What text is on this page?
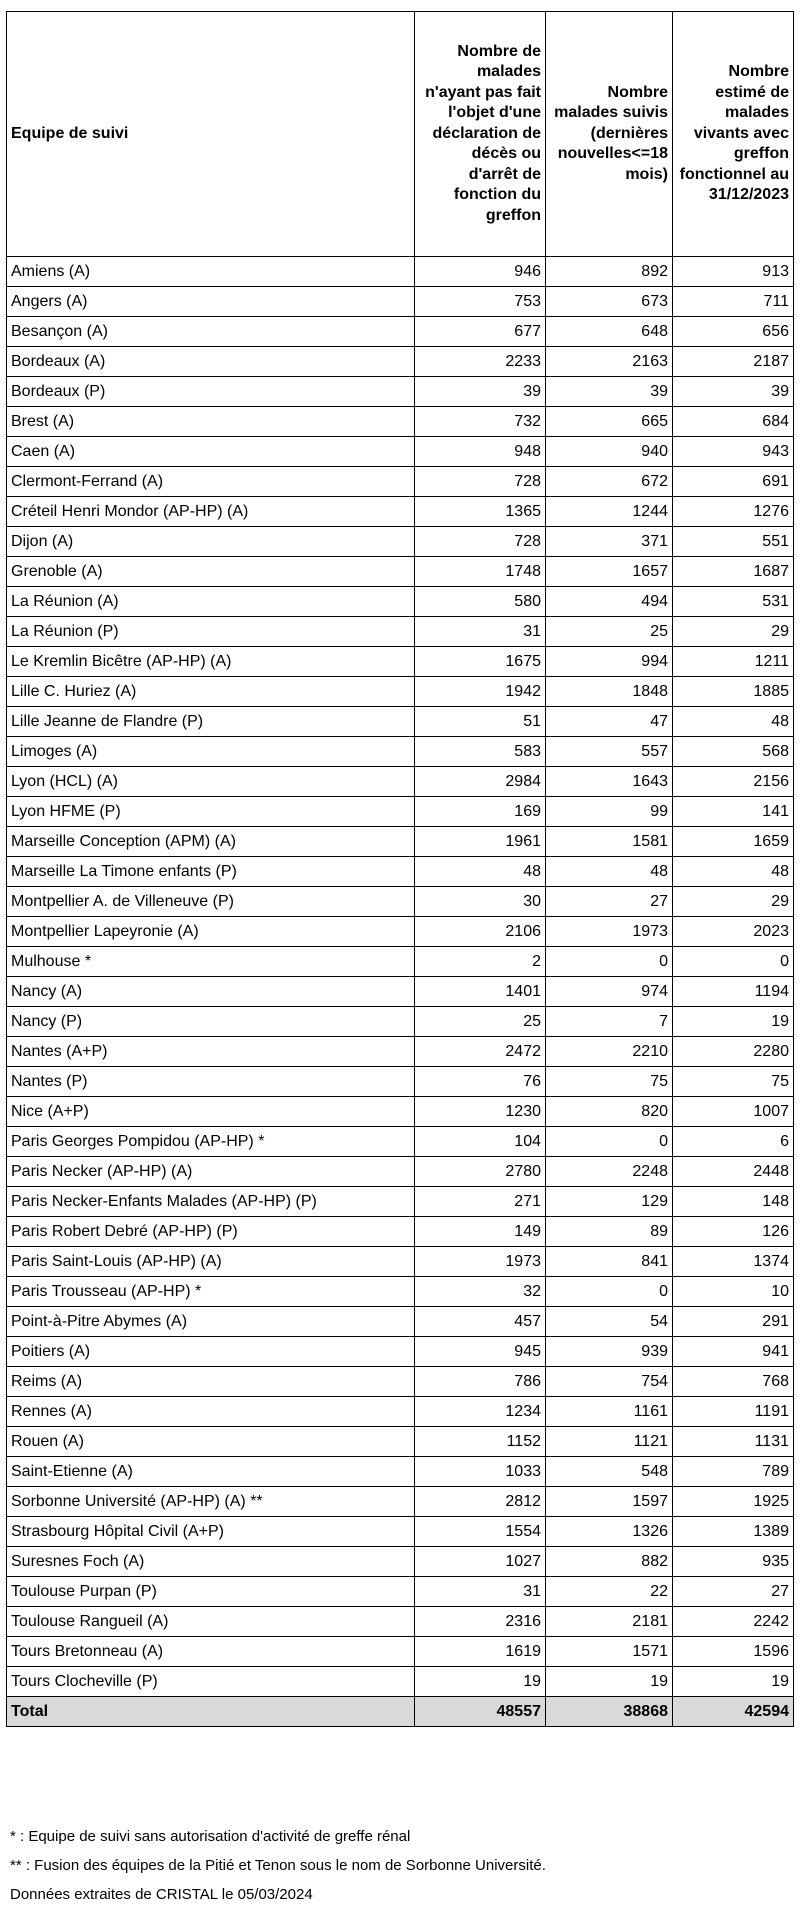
Equipe de suivi	Nombre de malades n'ayant pas fait l'objet d'une déclaration de décès ou d'arrêt de fonction du greffon	Nombre malades suivis (dernières nouvelles<=18 mois)	Nombre estimé de malades vivants avec greffon fonctionnel au 31/12/2023
Amiens (A)	946	892	913
Angers (A)	753	673	711
Besançon (A)	677	648	656
Bordeaux (A)	2233	2163	2187
Bordeaux (P)	39	39	39
Brest (A)	732	665	684
Caen (A)	948	940	943
Clermont-Ferrand (A)	728	672	691
Créteil Henri Mondor (AP-HP) (A)	1365	1244	1276
Dijon (A)	728	371	551
Grenoble (A)	1748	1657	1687
La Réunion (A)	580	494	531
La Réunion (P)	31	25	29
Le Kremlin Bicêtre (AP-HP) (A)	1675	994	1211
Lille C. Huriez (A)	1942	1848	1885
Lille Jeanne de Flandre (P)	51	47	48
Limoges (A)	583	557	568
Lyon (HCL) (A)	2984	1643	2156
Lyon HFME (P)	169	99	141
Marseille Conception (APM) (A)	1961	1581	1659
Marseille La Timone enfants (P)	48	48	48
Montpellier A. de Villeneuve (P)	30	27	29
Montpellier Lapeyronie (A)	2106	1973	2023
Mulhouse *	2	0	0
Nancy (A)	1401	974	1194
Nancy (P)	25	7	19
Nantes (A+P)	2472	2210	2280
Nantes (P)	76	75	75
Nice (A+P)	1230	820	1007
Paris Georges Pompidou (AP-HP) *	104	0	6
Paris Necker (AP-HP) (A)	2780	2248	2448
Paris Necker-Enfants Malades (AP-HP) (P)	271	129	148
Paris Robert Debré (AP-HP) (P)	149	89	126
Paris Saint-Louis (AP-HP) (A)	1973	841	1374
Paris Trousseau (AP-HP) *	32	0	10
Point-à-Pitre Abymes (A)	457	54	291
Poitiers (A)	945	939	941
Reims (A)	786	754	768
Rennes (A)	1234	1161	1191
Rouen (A)	1152	1121	1131
Saint-Etienne (A)	1033	548	789
Sorbonne Université (AP-HP) (A) **	2812	1597	1925
Strasbourg Hôpital Civil (A+P)	1554	1326	1389
Suresnes Foch (A)	1027	882	935
Toulouse Purpan (P)	31	22	27
Toulouse Rangueil (A)	2316	2181	2242
Tours Bretonneau (A)	1619	1571	1596
Tours Clocheville (P)	19	19	19
Total	48557	38868	42594
* : Equipe de suivi sans autorisation d'activité de greffe rénal
** : Fusion des équipes de la Pitié et Tenon sous le nom de Sorbonne Université.
Données extraites de CRISTAL le 05/03/2024
